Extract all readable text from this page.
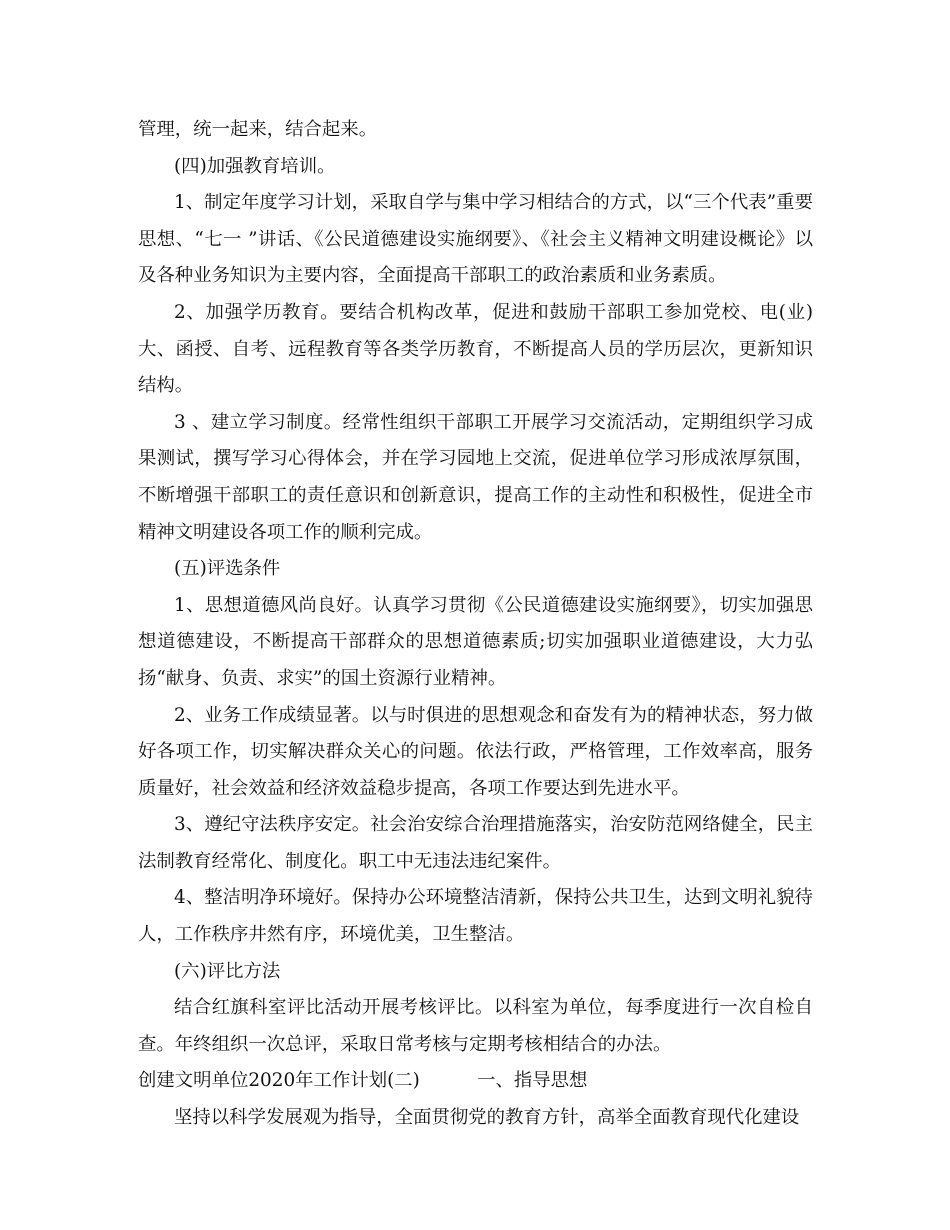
管理，统一起来，结合起来。

(四)加强教育培训。

1、制定年度学习计划，采取自学与集中学习相结合的方式，以“三个代表”重要思想、“七一 ”讲话、《公民道德建设实施纲要》、《社会主义精神文明建设概论》以及各种业务知识为主要内容，全面提高干部职工的政治素质和业务素质。

2、加强学历教育。要结合机构改革，促进和鼓励干部职工参加党校、电(业)大、函授、自考、远程教育等各类学历教育，不断提高人员的学历层次，更新知识结构。

3 、建立学习制度。经常性组织干部职工开展学习交流活动，定期组织学习成果测试，撰写学习心得体会，并在学习园地上交流，促进单位学习形成浓厚氛围，不断增强干部职工的责任意识和创新意识，提高工作的主动性和积极性，促进全市精神文明建设各项工作的顺利完成。

(五)评选条件

1、思想道德风尚良好。认真学习贯彻《公民道德建设实施纲要》，切实加强思想道德建设，不断提高干部群众的思想道德素质;切实加强职业道德建设，大力弘扬“献身、负责、求实”的国土资源行业精神。

2、业务工作成绩显著。以与时俱进的思想观念和奋发有为的精神状态，努力做好各项工作，切实解决群众关心的问题。依法行政，严格管理，工作效率高，服务质量好，社会效益和经济效益稳步提高，各项工作要达到先进水平。

3、遵纪守法秩序安定。社会治安综合治理措施落实，治安防范网络健全，民主法制教育经常化、制度化。职工中无违法违纪案件。

4、整洁明净环境好。保持办公环境整洁清新，保持公共卫生，达到文明礼貌待人，工作秩序井然有序，环境优美，卫生整洁。

(六)评比方法

结合红旗科室评比活动开展考核评比。以科室为单位，每季度进行一次自检自查。年终组织一次总评，采取日常考核与定期考核相结合的办法。

创建文明单位2020年工作计划(二)	一、指导思想

坚持以科学发展观为指导，全面贯彻党的教育方针，高举全面教育现代化建设
